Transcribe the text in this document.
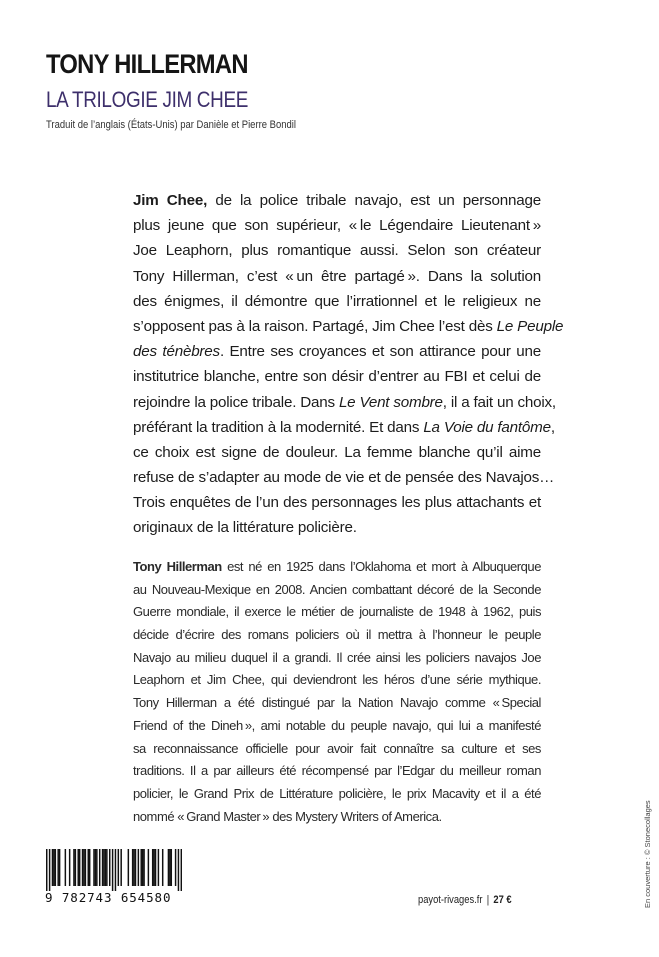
TONY HILLERMAN
LA TRILOGIE JIM CHEE
Traduit de l’anglais (États-Unis) par Danièle et Pierre Bondil
Jim Chee, de la police tribale navajo, est un personnage
plus jeune que son supérieur, « le Légendaire Lieutenant »
Joe Leaphorn, plus romantique aussi. Selon son créateur
Tony Hillerman, c’est « un être partagé ». Dans la solution
des énigmes, il démontre que l’irrationnel et le religieux ne
s’opposent pas à la raison. Partagé, Jim Chee l’est dès Le Peuple
des ténèbres. Entre ses croyances et son attirance pour une
institutrice blanche, entre son désir d’entrer au FBI et celui de
rejoindre la police tribale. Dans Le Vent sombre, il a fait un choix,
préférant la tradition à la modernité. Et dans La Voie du fantôme,
ce choix est signe de douleur. La femme blanche qu’il aime
refuse de s’adapter au mode de vie et de pensée des Navajos…
Trois enquêtes de l’un des personnages les plus attachants et
originaux de la littérature policière.
Tony Hillerman est né en 1925 dans l’Oklahoma et mort à Albuquerque
au Nouveau-Mexique en 2008. Ancien combattant décoré de la Seconde
Guerre mondiale, il exerce le métier de journaliste de 1948 à 1962, puis
décide d’écrire des romans policiers où il mettra à l’honneur le peuple
Navajo au milieu duquel il a grandi. Il crée ainsi les policiers navajos Joe
Leaphorn et Jim Chee, qui deviendront les héros d’une série mythique.
Tony Hillerman a été distingué par la Nation Navajo comme « Special
Friend of the Dineh », ami notable du peuple navajo, qui lui a manifesté
sa reconnaissance officielle pour avoir fait connaître sa culture et ses
traditions. Il a par ailleurs été récompensé par l’Edgar du meilleur roman
policier, le Grand Prix de Littérature policière, le prix Macavity et il a été
nommé « Grand Master » des Mystery Writers of America.
9 782743 654580	payot-rivages.fr | 27 €	En couverture : © Stonecollages
